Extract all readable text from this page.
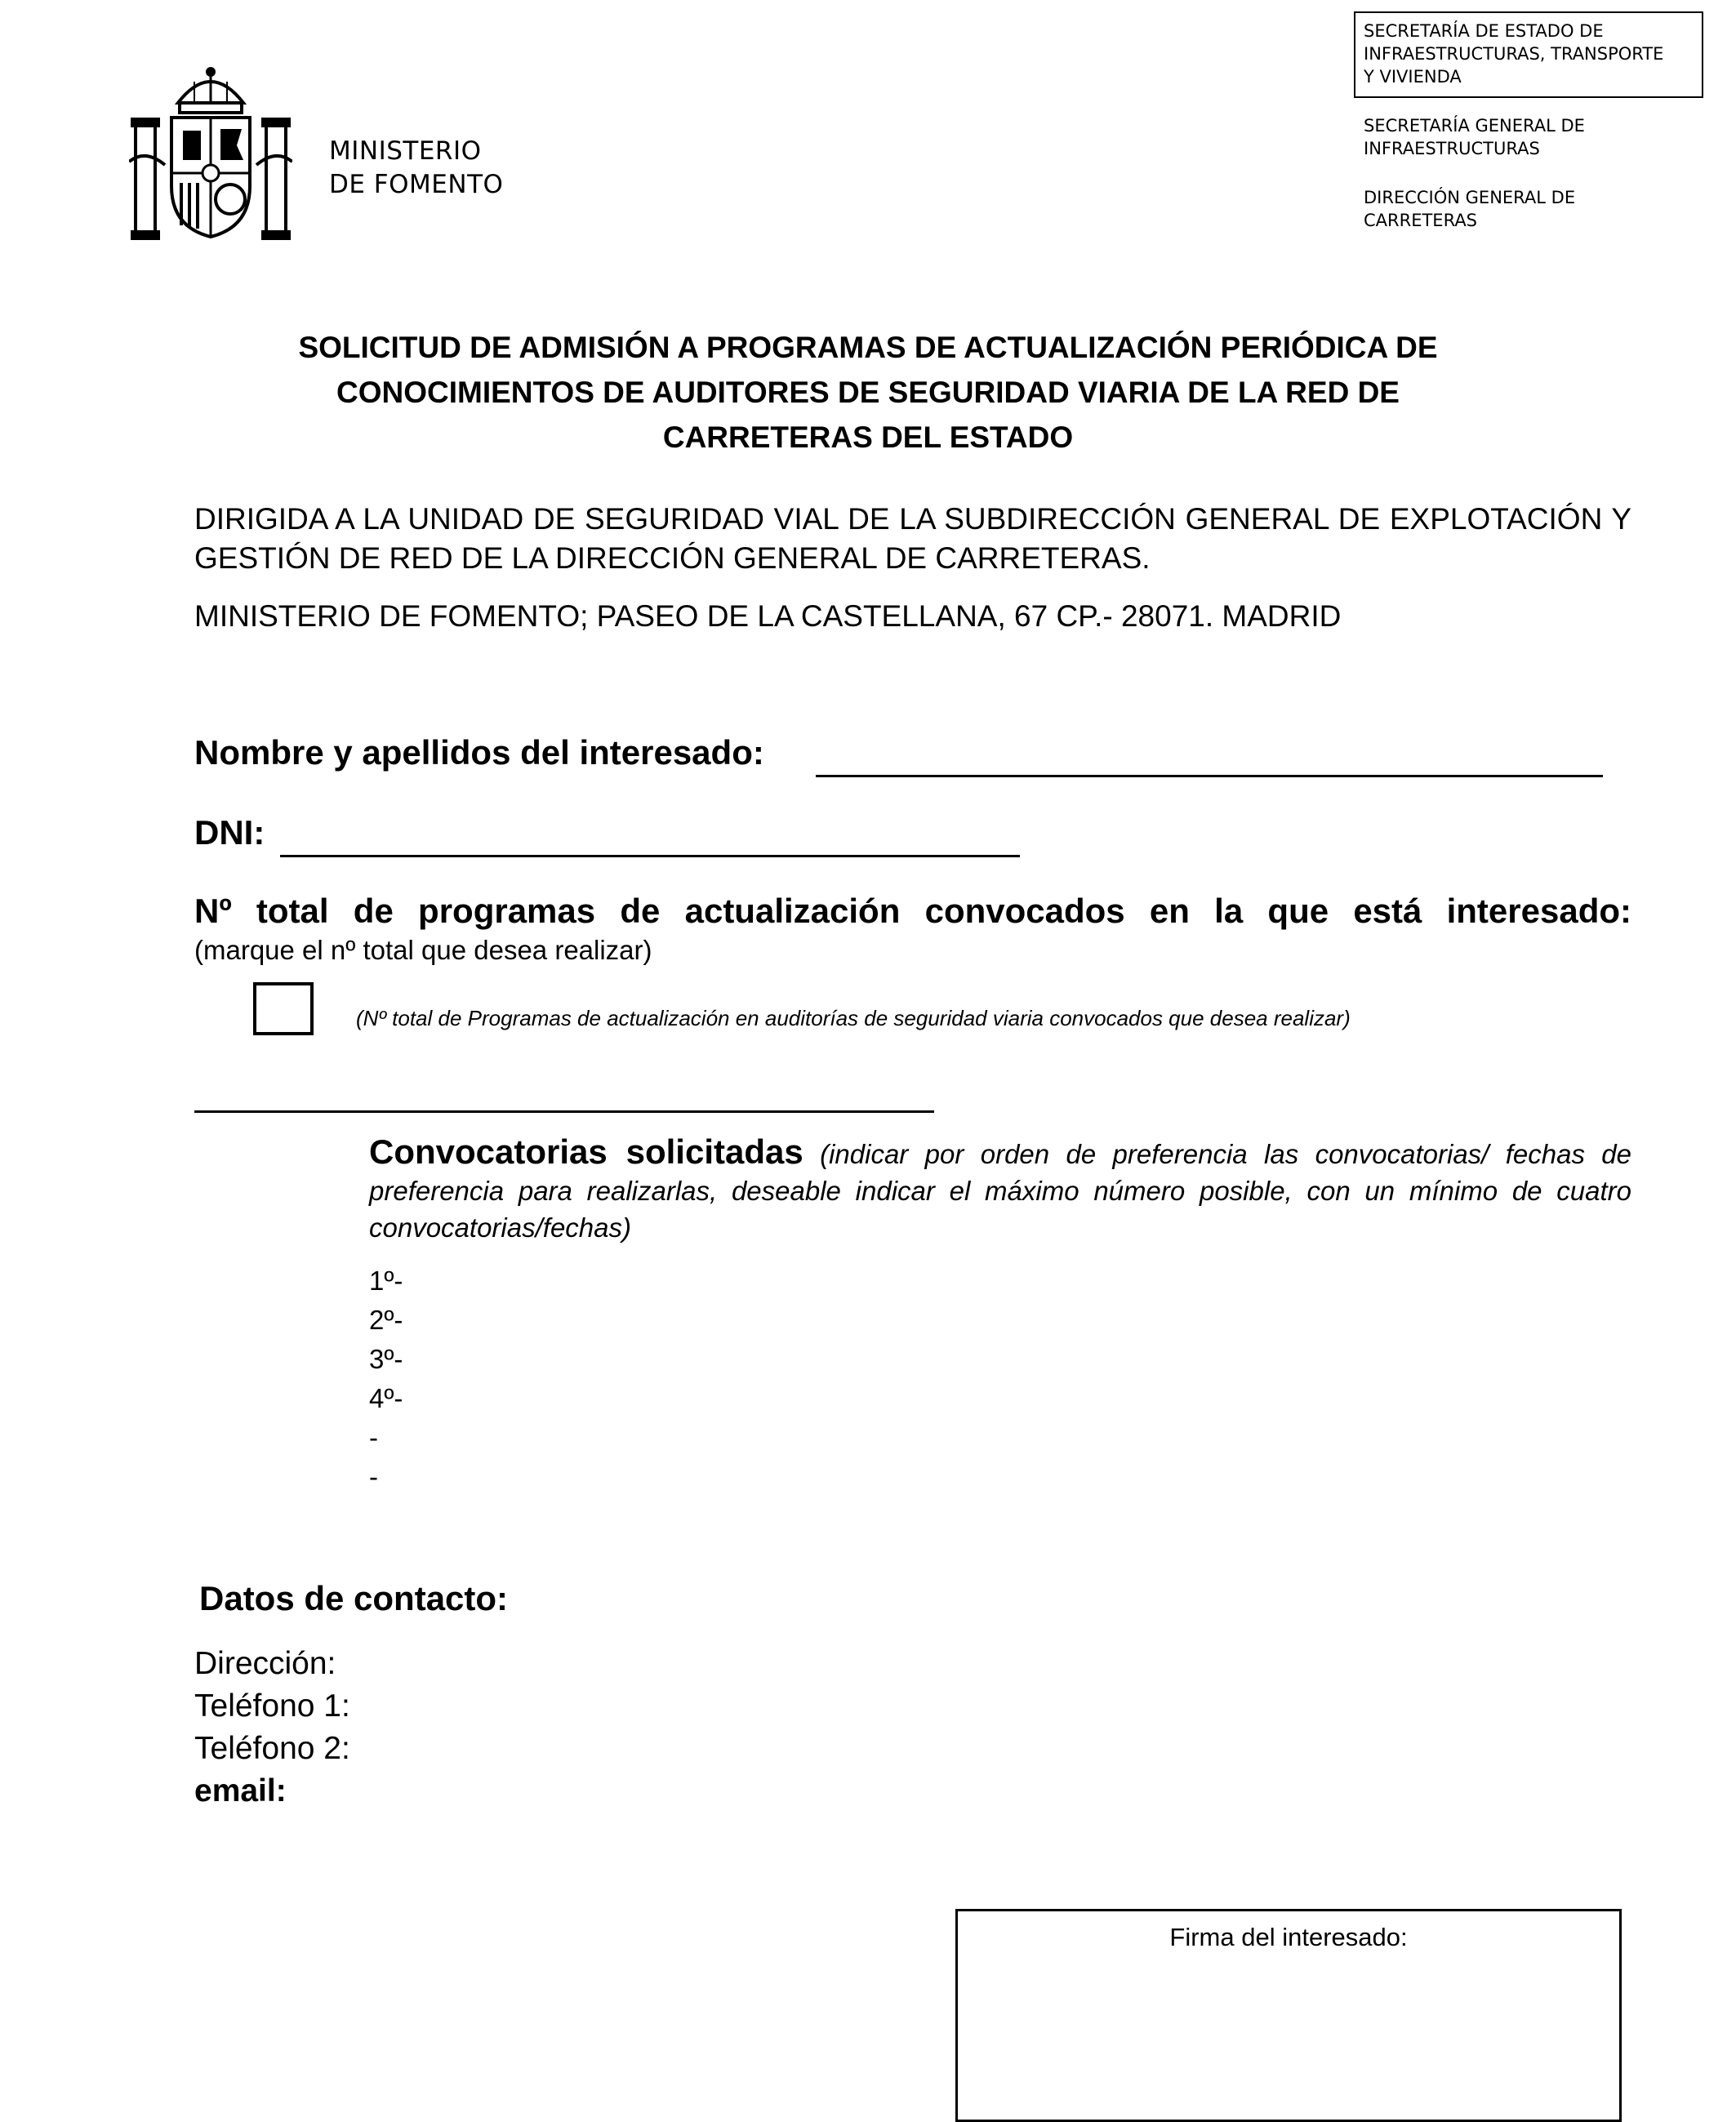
MINISTERIO
DE FOMENTO
SECRETARÍA DE ESTADO DE
INFRAESTRUCTURAS, TRANSPORTE
Y VIVIENDA
SECRETARÍA GENERAL DE
INFRAESTRUCTURAS
DIRECCIÓN GENERAL DE
CARRETERAS
SOLICITUD DE ADMISIÓN A PROGRAMAS DE ACTUALIZACIÓN PERIÓDICA DE
CONOCIMIENTOS DE AUDITORES DE SEGURIDAD VIARIA DE LA RED DE
CARRETERAS DEL ESTADO
DIRIGIDA A LA UNIDAD DE SEGURIDAD VIAL DE LA SUBDIRECCIÓN GENERAL DE EXPLOTACIÓN Y GESTIÓN DE RED DE LA DIRECCIÓN GENERAL DE CARRETERAS.
MINISTERIO DE FOMENTO; PASEO DE LA CASTELLANA, 67 CP.- 28071. MADRID
Nombre y apellidos del interesado:
DNI:
Nº total de programas de actualización convocados en la que está interesado:
(marque el nº total que desea realizar)
(Nº total de Programas de actualización en auditorías de seguridad viaria convocados que desea realizar)
Convocatorias solicitadas (indicar por orden de preferencia las convocatorias/ fechas de preferencia para realizarlas, deseable indicar el máximo número posible, con un mínimo de cuatro convocatorias/fechas)
1º-
2º-
3º-
4º-
-
-
Datos de contacto:
Dirección:
Teléfono 1:
Teléfono 2:
email:
Firma del interesado:
